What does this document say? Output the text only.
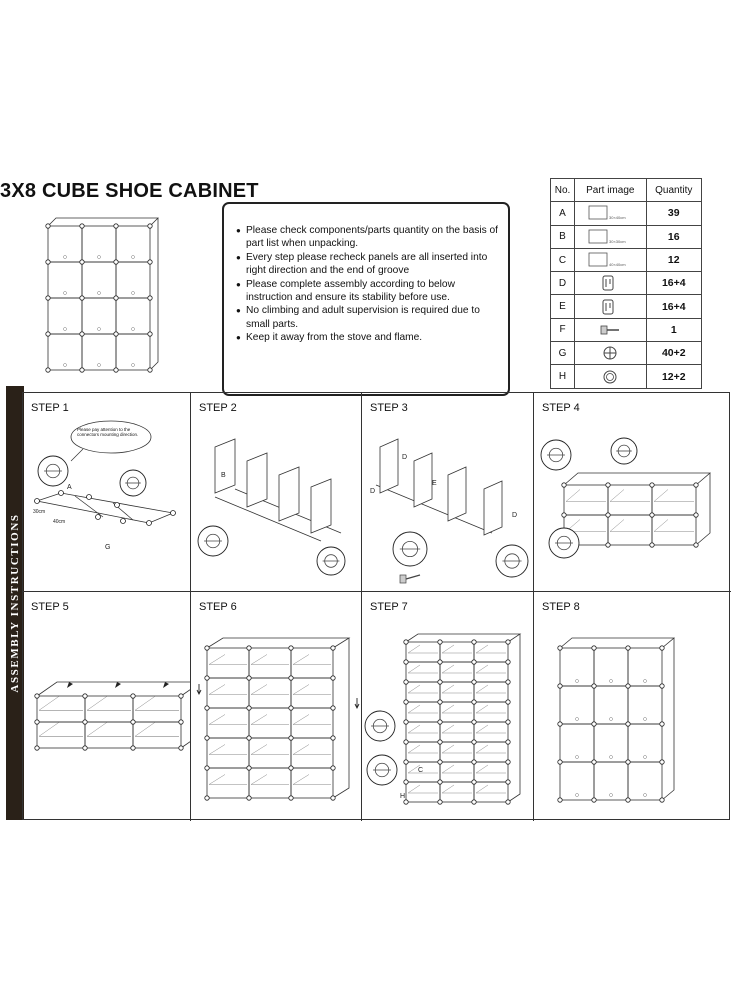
3X8 CUBE SHOE CABINET
● Please check components/parts quantity on the basis of part list when unpacking.
● Every step please recheck panels are all inserted into right direction and the end of groove
● Please complete assembly according to below instruction and ensure its stability before use.
● No climbing and adult supervision is required due to small parts.
● Keep it away from the stove and flame.
No.	Part image	Quantity
A	30×40cm	39
B	30×30cm	16
C	40×40cm	12
D		16+4
E		16+4
F		1
G		40+2
H		12+2
ASSEMBLY INSTRUCTIONS
Please pay attention to the connectors mounting direction.
30cm
40cm
A
G
STEP 1
B
STEP 2
D
E
D
D
STEP 3	STEP 4
STEP 5	STEP 6
C
H
STEP 7	STEP 8
